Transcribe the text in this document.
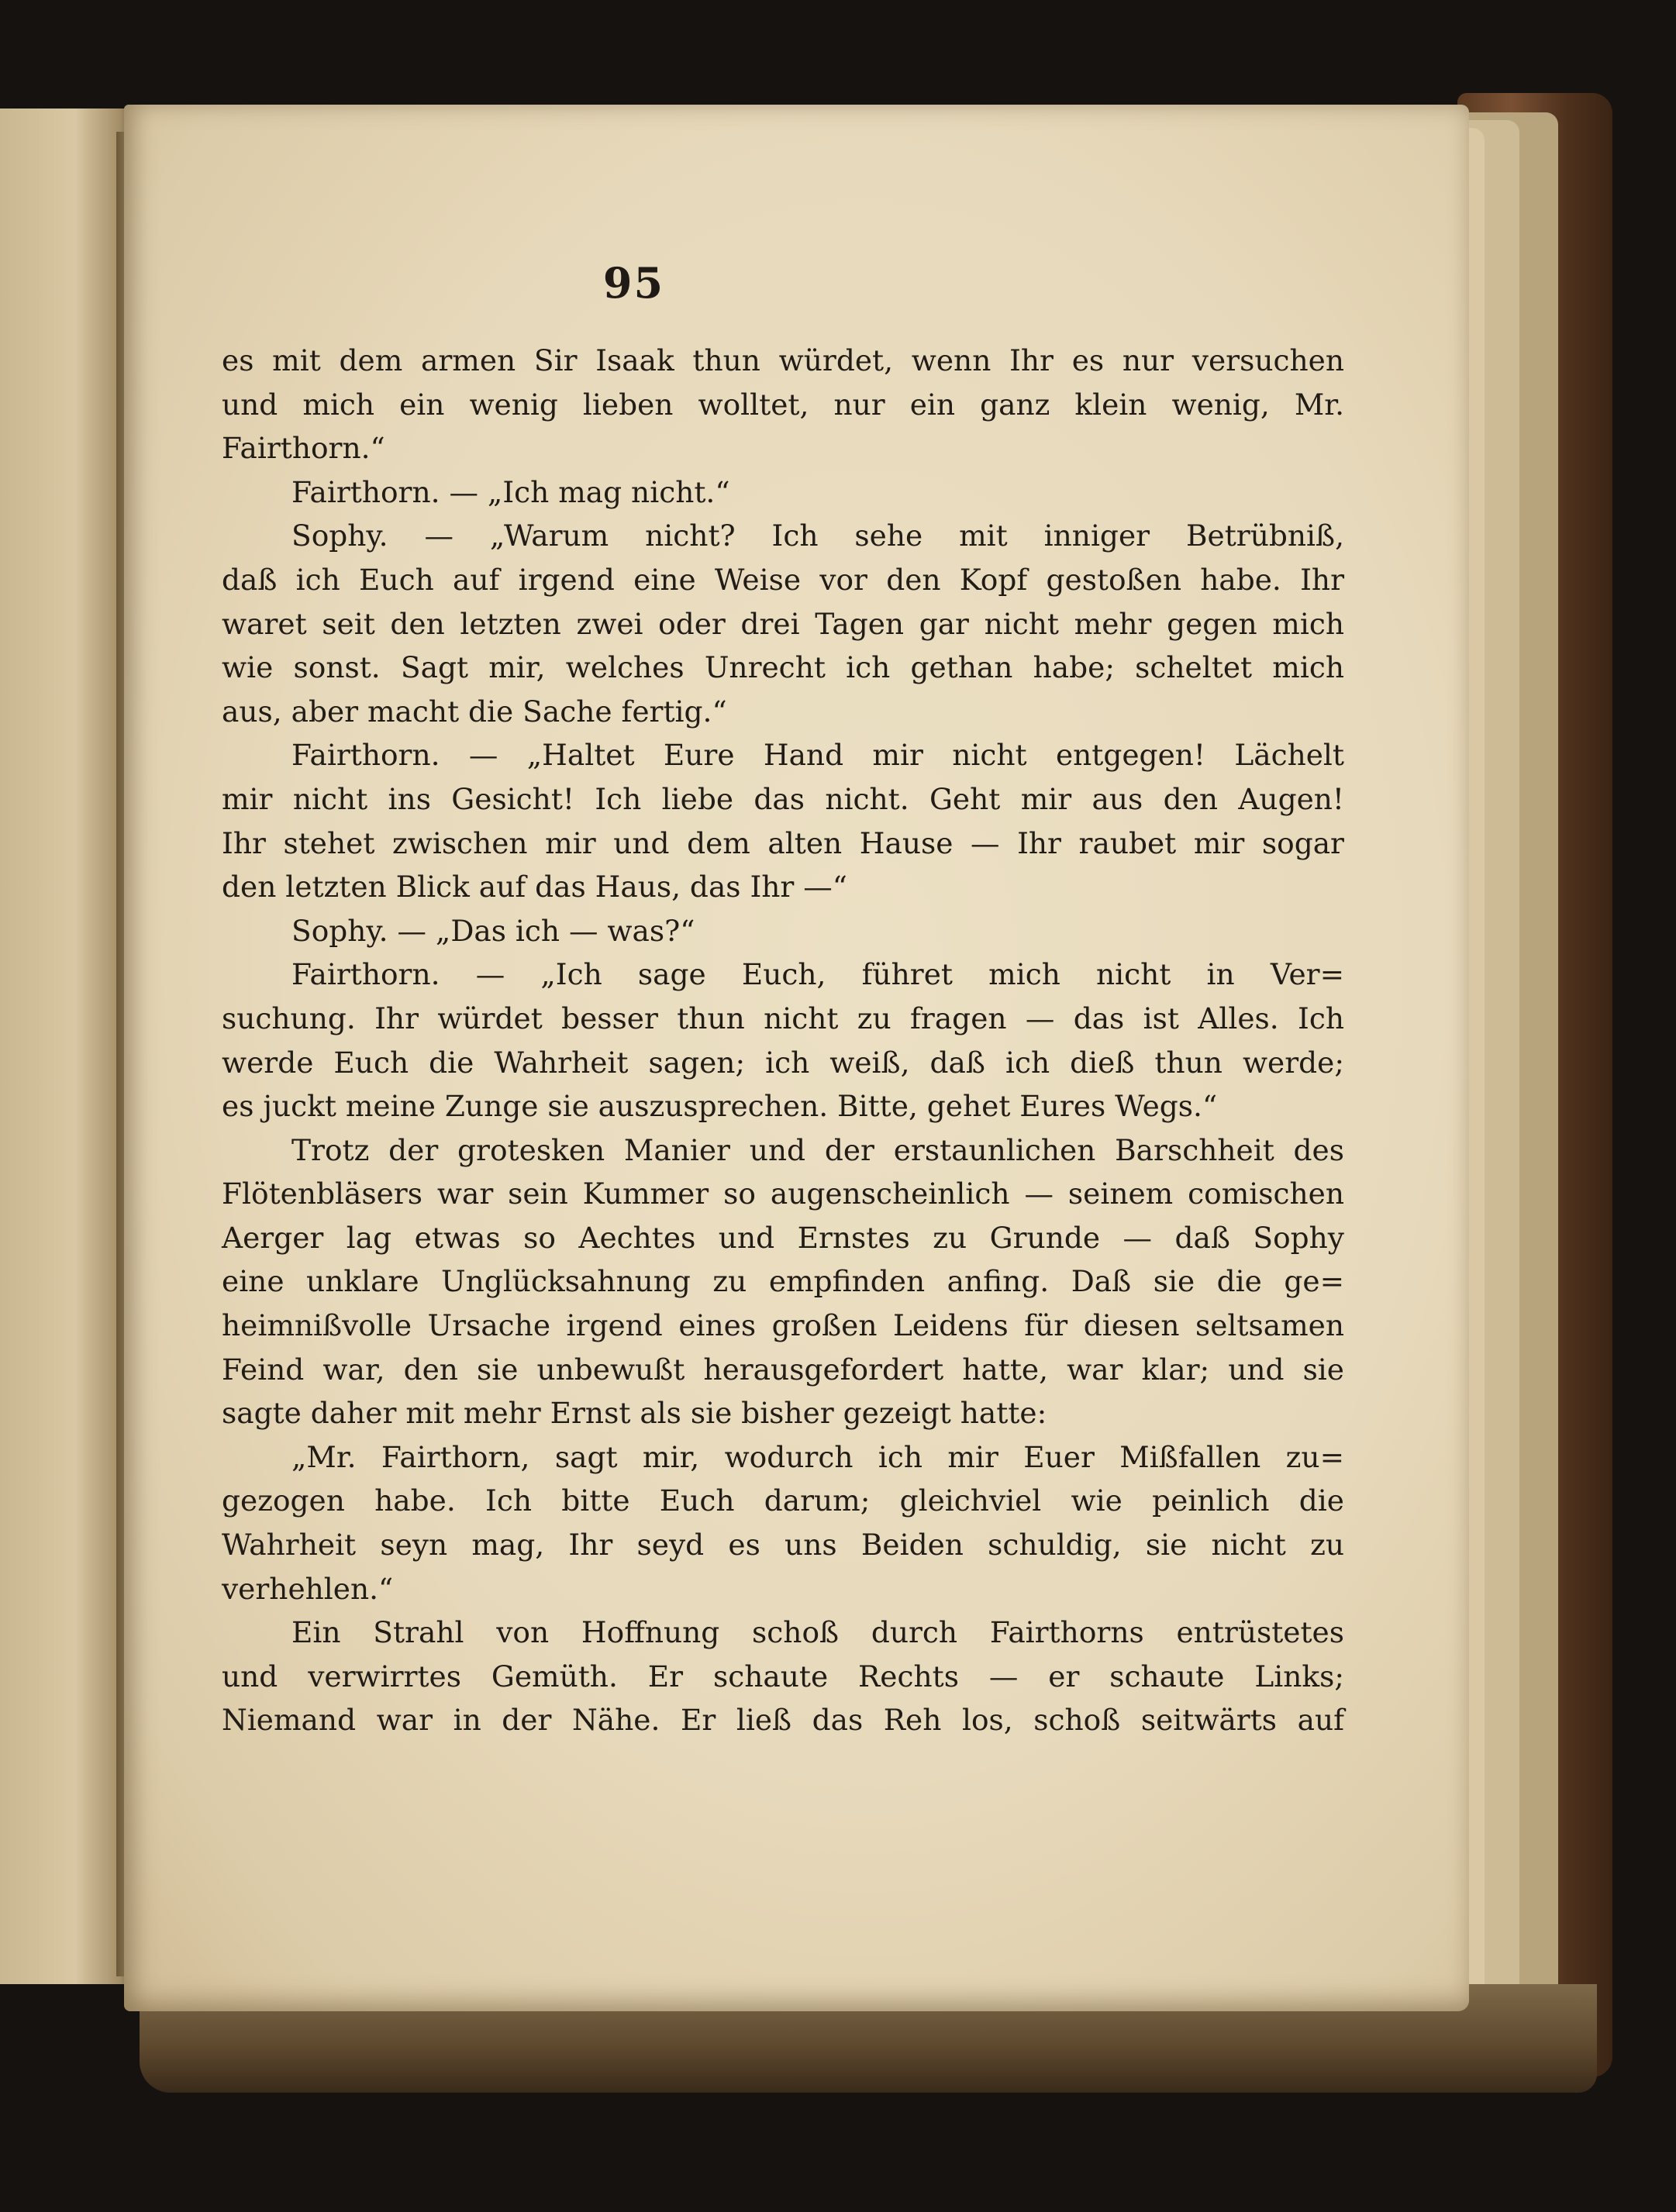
95
es mit dem armen Sir Isaak thun würdet, wenn Ihr es nur versuchen
und mich ein wenig lieben wolltet, nur ein ganz klein wenig, Mr.
Fairthorn.“
Fairthorn. — „Ich mag nicht.“
Sophy. — „Warum nicht? Ich sehe mit inniger Betrübniß,
daß ich Euch auf irgend eine Weise vor den Kopf gestoßen habe. Ihr
waret seit den letzten zwei oder drei Tagen gar nicht mehr gegen mich
wie sonst. Sagt mir, welches Unrecht ich gethan habe; scheltet mich
aus, aber macht die Sache fertig.“
Fairthorn. — „Haltet Eure Hand mir nicht entgegen! Lächelt
mir nicht ins Gesicht! Ich liebe das nicht. Geht mir aus den Augen!
Ihr stehet zwischen mir und dem alten Hause — Ihr raubet mir sogar
den letzten Blick auf das Haus, das Ihr —“
Sophy. — „Das ich — was?“
Fairthorn. — „Ich sage Euch, führet mich nicht in Ver=
suchung. Ihr würdet besser thun nicht zu fragen — das ist Alles. Ich
werde Euch die Wahrheit sagen; ich weiß, daß ich dieß thun werde;
es juckt meine Zunge sie auszusprechen. Bitte, gehet Eures Wegs.“
Trotz der grotesken Manier und der erstaunlichen Barschheit des
Flötenbläsers war sein Kummer so augenscheinlich — seinem comischen
Aerger lag etwas so Aechtes und Ernstes zu Grunde — daß Sophy
eine unklare Unglücksahnung zu empfinden anfing. Daß sie die ge=
heimnißvolle Ursache irgend eines großen Leidens für diesen seltsamen
Feind war, den sie unbewußt herausgefordert hatte, war klar; und sie
sagte daher mit mehr Ernst als sie bisher gezeigt hatte:
„Mr. Fairthorn, sagt mir, wodurch ich mir Euer Mißfallen zu=
gezogen habe. Ich bitte Euch darum; gleichviel wie peinlich die
Wahrheit seyn mag, Ihr seyd es uns Beiden schuldig, sie nicht zu
verhehlen.“
Ein Strahl von Hoffnung schoß durch Fairthorns entrüstetes
und verwirrtes Gemüth. Er schaute Rechts — er schaute Links;
Niemand war in der Nähe. Er ließ das Reh los, schoß seitwärts auf
